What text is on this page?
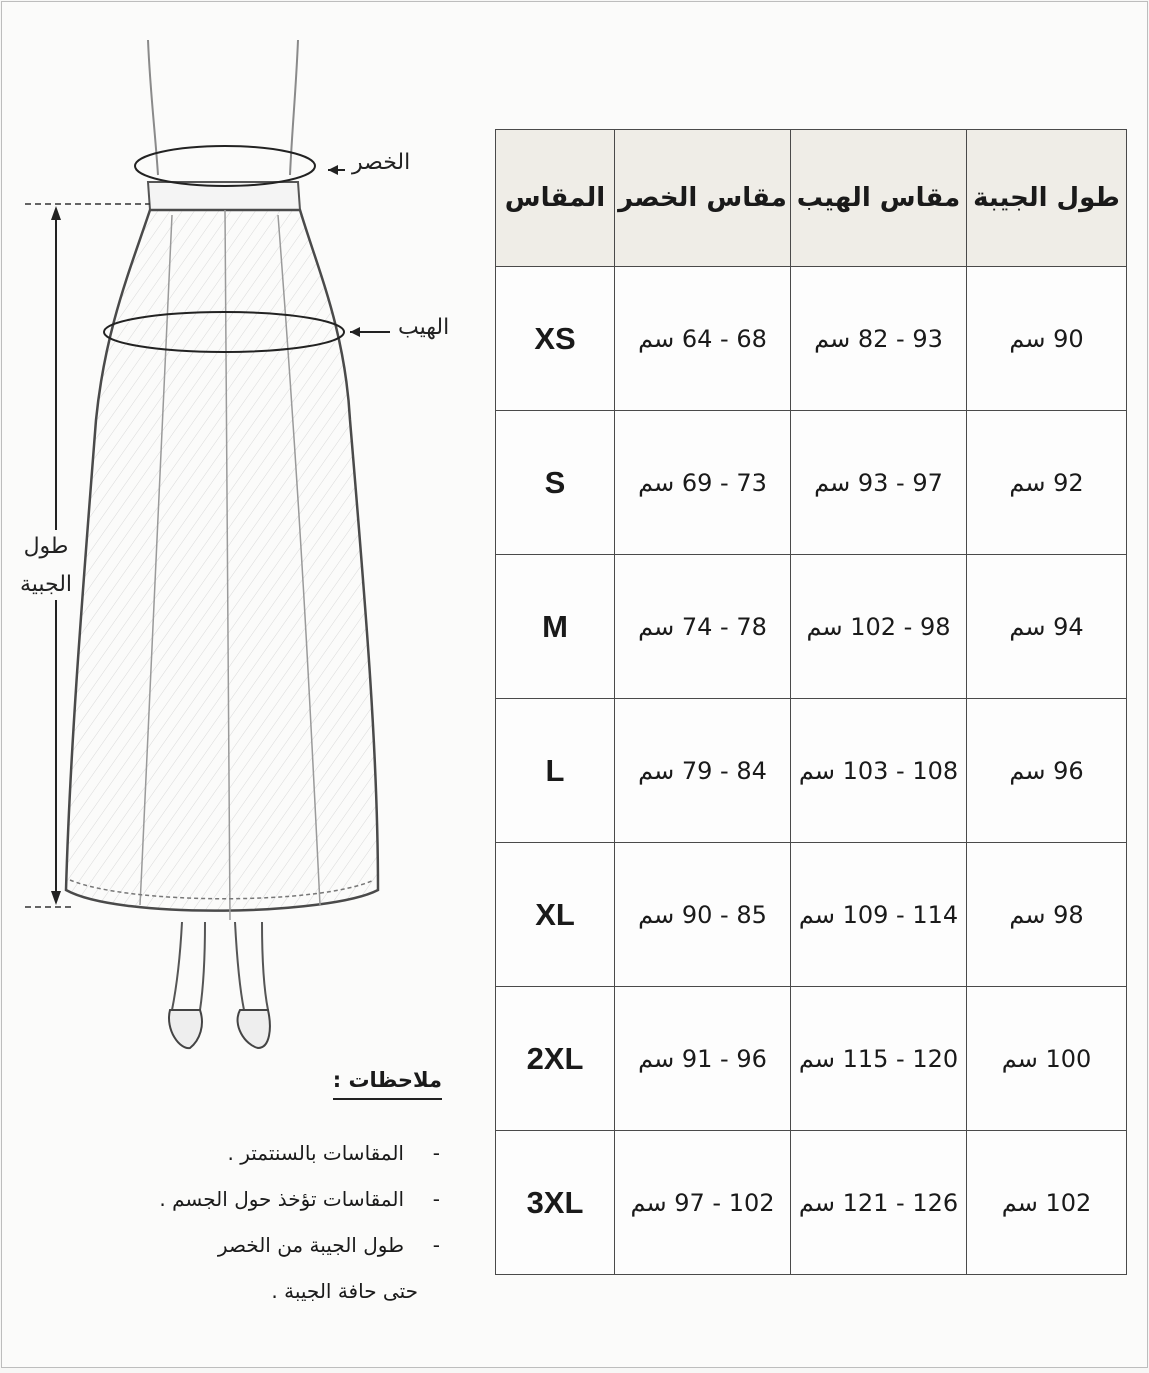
الخصر
الهيب
طول
الجبية
ملاحظات :
-
المقاسات بالسنتمتر .
-
المقاسات تؤخذ حول الجسم .
-
طول الجيبة من الخصر
حتى حافة الجيبة .
طول الجيبة	مقاس الهيب	مقاس الخصر	المقاس
90 سم	93 - 82 سم	68 - 64 سم	XS
92 سم	97 - 93 سم	73 - 69 سم	S
94 سم	98 - 102 سم	78 - 74 سم	M
96 سم	108 - 103 سم	84 - 79 سم	L
98 سم	114 - 109 سم	85 - 90 سم	XL
100 سم	120 - 115 سم	96 - 91 سم	2XL
102 سم	126 - 121 سم	102 - 97 سم	3XL
